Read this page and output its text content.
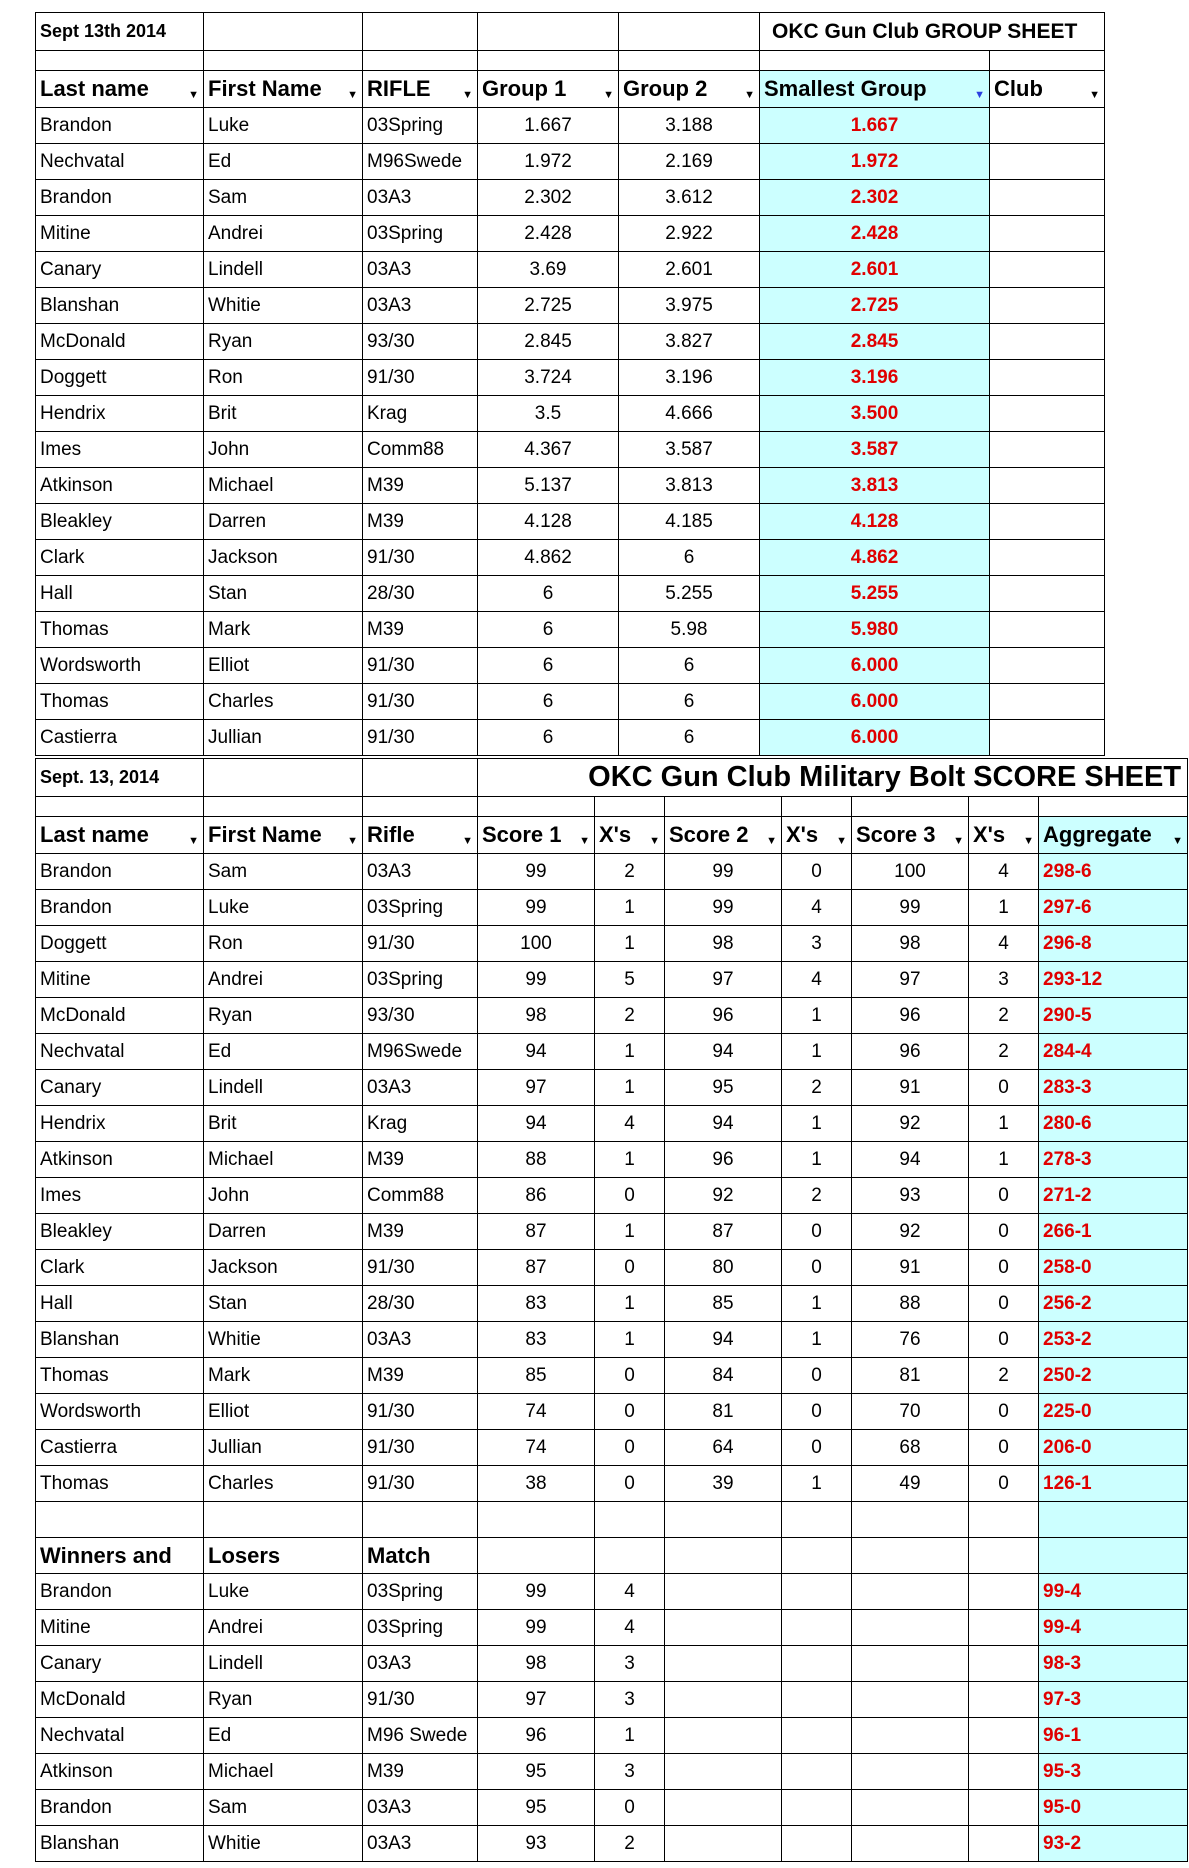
Sept 13th 2014					OKC Gun Club GROUP SHEET	

Last name ▼	First Name ▼	RIFLE ▼	Group 1 ▼	Group 2 ▼	Smallest Group ▼	Club ▼

Brandon	Luke	03Spring	1.667	3.188	1.667	
Nechvatal	Ed	M96Swede	1.972	2.169	1.972	
Brandon	Sam	03A3	2.302	3.612	2.302	
Mitine	Andrei	03Spring	2.428	2.922	2.428	
Canary	Lindell	03A3	3.69	2.601	2.601	
Blanshan	Whitie	03A3	2.725	3.975	2.725	
McDonald	Ryan	93/30	2.845	3.827	2.845	
Doggett	Ron	91/30	3.724	3.196	3.196	
Hendrix	Brit	Krag	3.5	4.666	3.500	
Imes	John	Comm88	4.367	3.587	3.587	
Atkinson	Michael	M39	5.137	3.813	3.813	
Bleakley	Darren	M39	4.128	4.185	4.128	
Clark	Jackson	91/30	4.862	6	4.862	
Hall	Stan	28/30	6	5.255	5.255	
Thomas	Mark	M39	6	5.98	5.980	
Wordsworth	Elliot	91/30	6	6	6.000	
Thomas	Charles	91/30	6	6	6.000	
Castierra	Jullian	91/30	6	6	6.000	
Sept. 13, 2014			OKC Gun Club Military Bolt SCORE SHEET						

Last name ▼	First Name ▼	Rifle ▼	Score 1 ▼	X's ▼	Score 2 ▼	X's ▼	Score 3 ▼	X's ▼	Aggregate ▼

Brandon	Sam	03A3	99	2	99	0	100	4	298-6
Brandon	Luke	03Spring	99	1	99	4	99	1	297-6
Doggett	Ron	91/30	100	1	98	3	98	4	296-8
Mitine	Andrei	03Spring	99	5	97	4	97	3	293-12
McDonald	Ryan	93/30	98	2	96	1	96	2	290-5
Nechvatal	Ed	M96Swede	94	1	94	1	96	2	284-4
Canary	Lindell	03A3	97	1	95	2	91	0	283-3
Hendrix	Brit	Krag	94	4	94	1	92	1	280-6
Atkinson	Michael	M39	88	1	96	1	94	1	278-3
Imes	John	Comm88	86	0	92	2	93	0	271-2
Bleakley	Darren	M39	87	1	87	0	92	0	266-1
Clark	Jackson	91/30	87	0	80	0	91	0	258-0
Hall	Stan	28/30	83	1	85	1	88	0	256-2
Blanshan	Whitie	03A3	83	1	94	1	76	0	253-2
Thomas	Mark	M39	85	0	84	0	81	2	250-2
Wordsworth	Elliot	91/30	74	0	81	0	70	0	225-0
Castierra	Jullian	91/30	74	0	64	0	68	0	206-0
Thomas	Charles	91/30	38	0	39	1	49	0	126-1

Winners and	Losers	Match							
Brandon	Luke	03Spring	99	4					99-4
Mitine	Andrei	03Spring	99	4					99-4
Canary	Lindell	03A3	98	3					98-3
McDonald	Ryan	91/30	97	3					97-3
Nechvatal	Ed	M96 Swede	96	1					96-1
Atkinson	Michael	M39	95	3					95-3
Brandon	Sam	03A3	95	0					95-0
Blanshan	Whitie	03A3	93	2					93-2
